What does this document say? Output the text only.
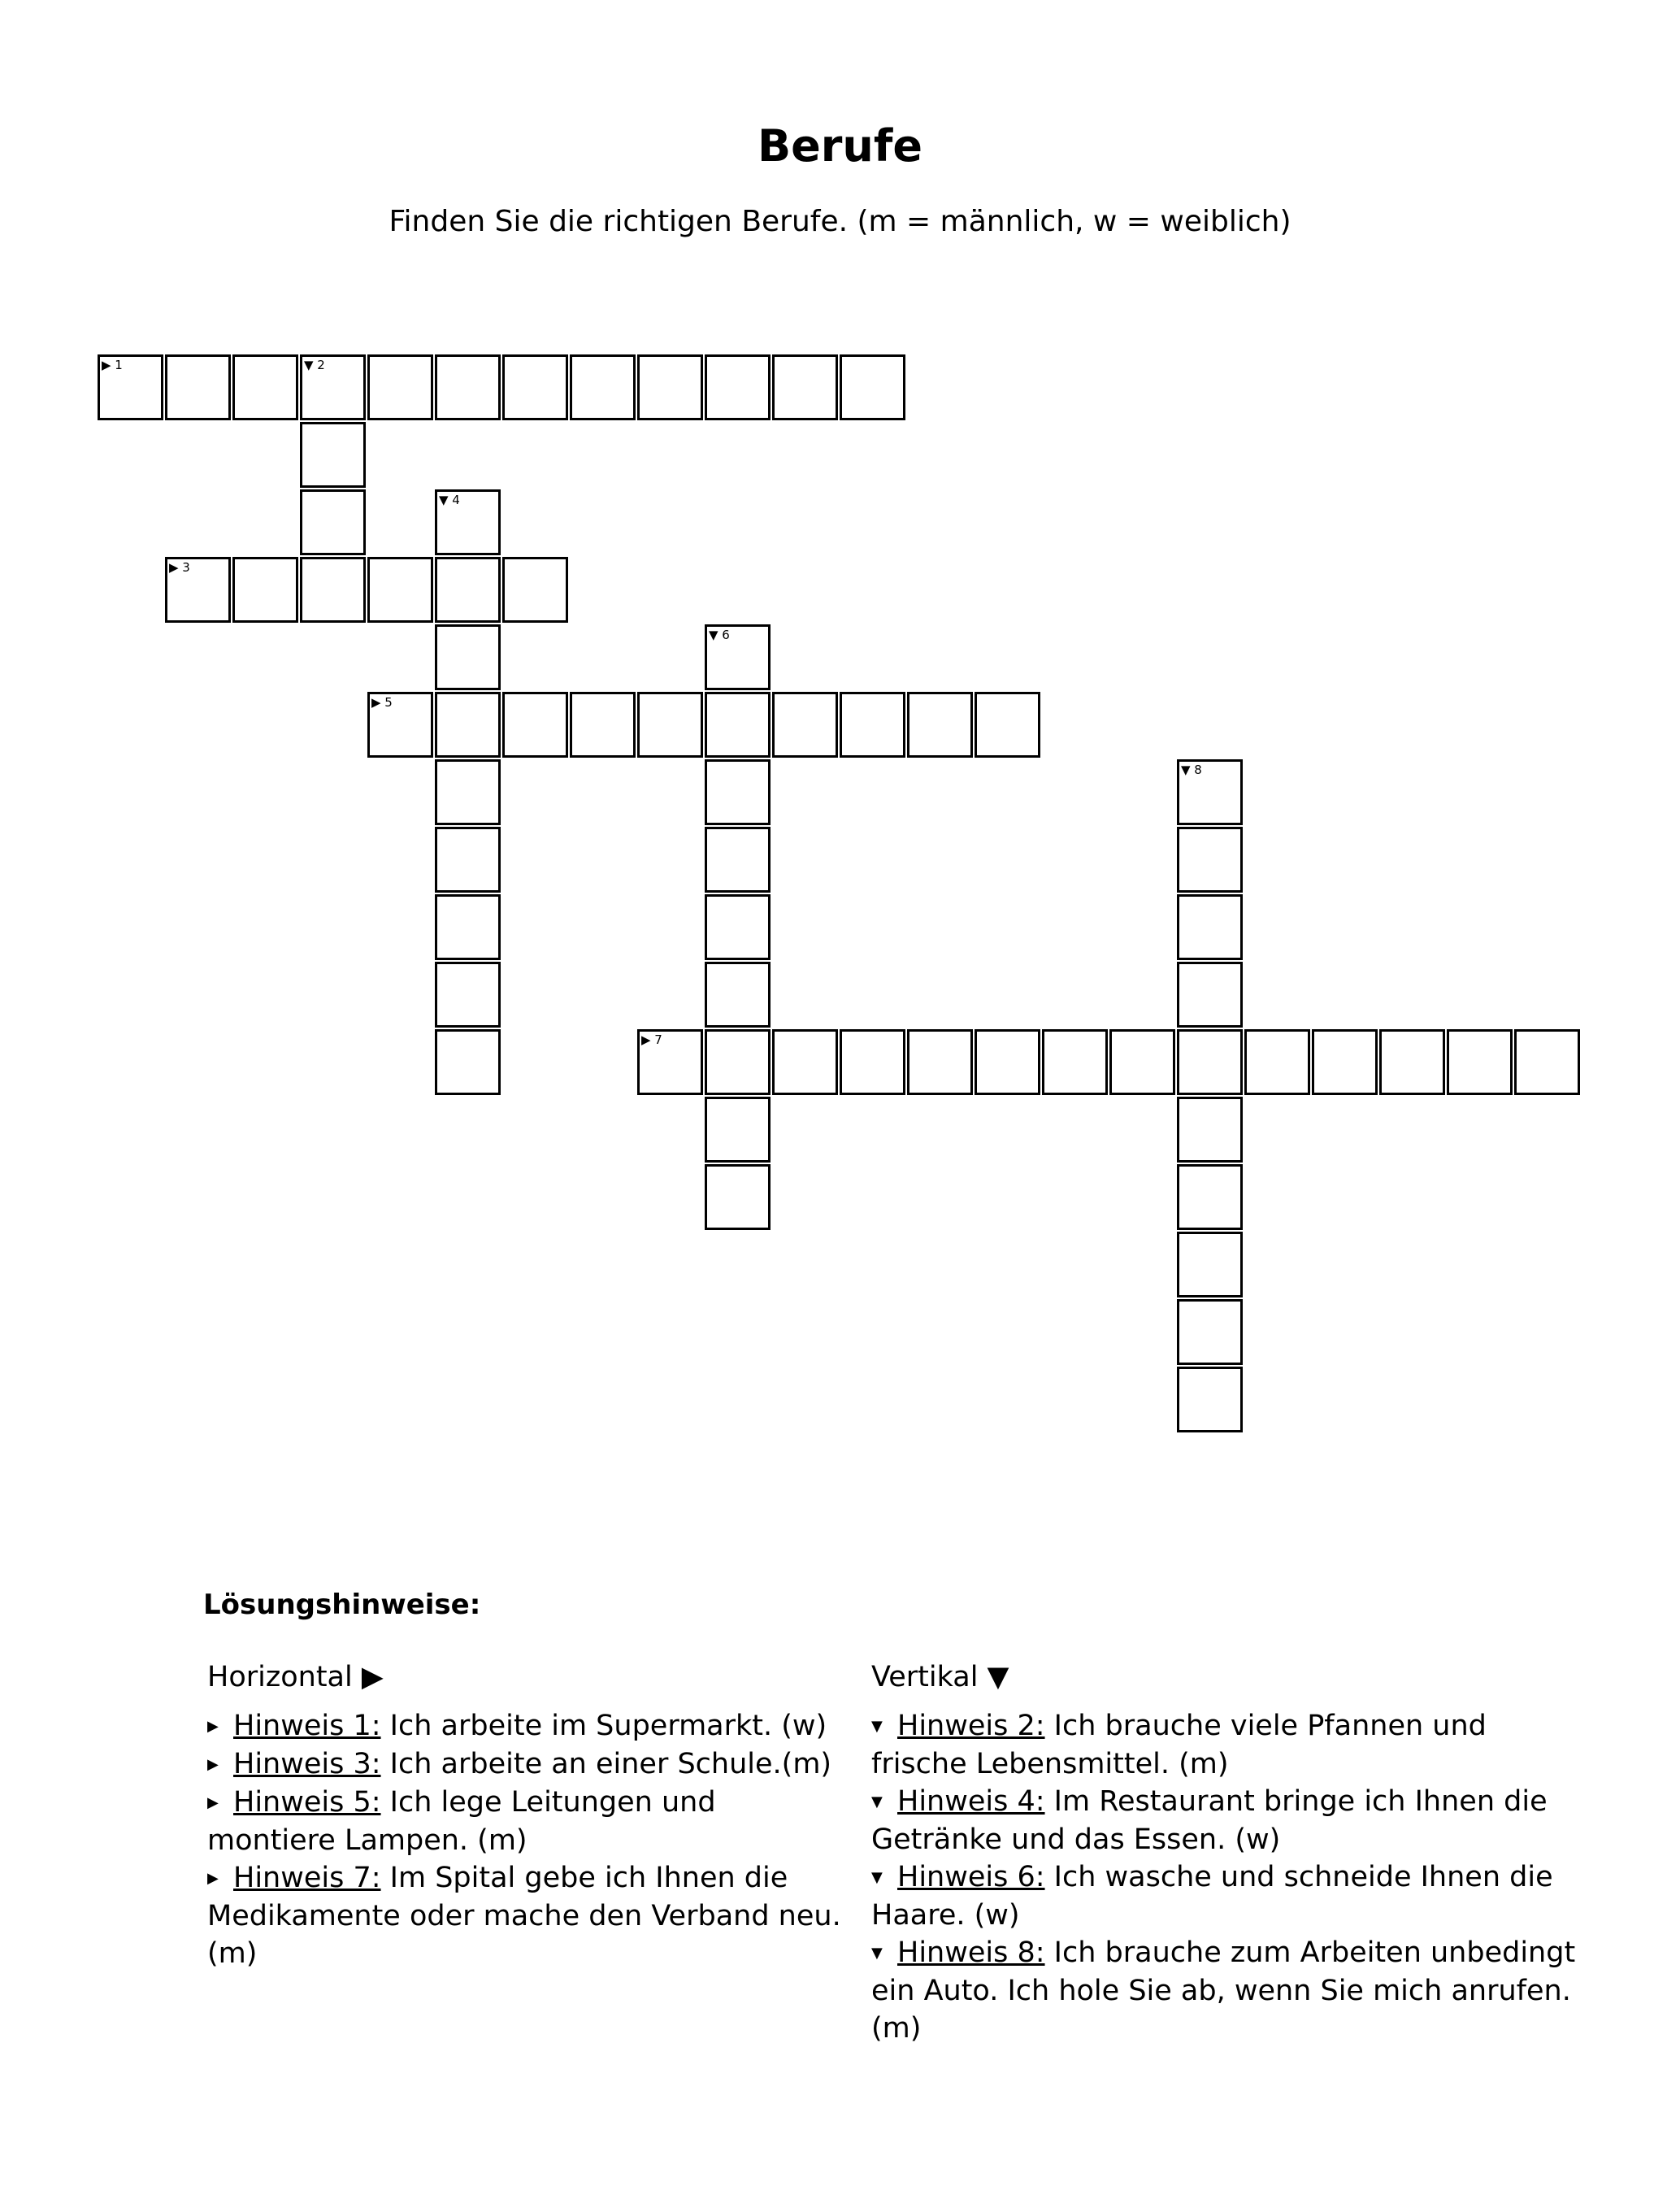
Berufe
Finden Sie die richtigen Berufe. (m = männlich, w = weiblich)
▶ 1	▼ 2
▶ 3
▼ 4
▶ 5
▼ 6
▶ 7
▼ 8
Lösungshinweise:
Horizontal ▶
▶ Hinweis 1: Ich arbeite im Supermarkt. (w)
▶ Hinweis 3: Ich arbeite an einer Schule.(m)
▶ Hinweis 5: Ich lege Leitungen und montiere Lampen. (m)
▶ Hinweis 7: Im Spital gebe ich Ihnen die Medikamente oder mache den Verband neu.(m)
Vertikal ▼
▼ Hinweis 2: Ich brauche viele Pfannen und frische Lebensmittel. (m)
▼ Hinweis 4: Im Restaurant bringe ich Ihnen die Getränke und das Essen. (w)
▼ Hinweis 6: Ich wasche und schneide Ihnen die Haare. (w)
▼ Hinweis 8: Ich brauche zum Arbeiten unbedingt ein Auto. Ich hole Sie ab, wenn Sie mich anrufen. (m)
